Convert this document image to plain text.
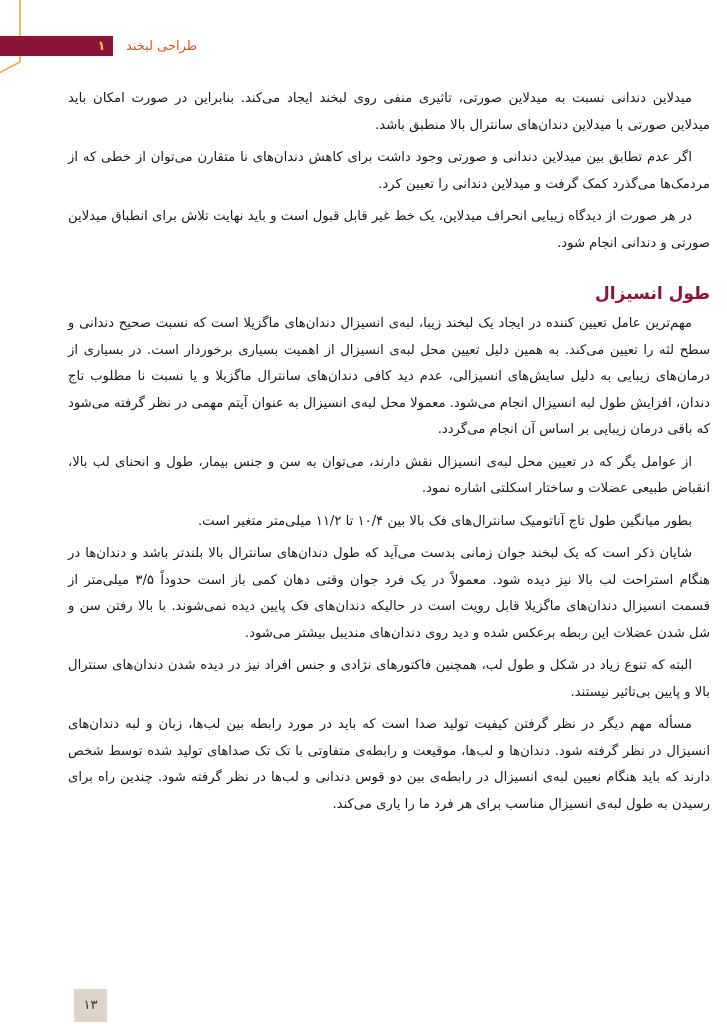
۱	طراحی لبخند

میدلاین دندانی نسبت به میدلاین صورتی، تاثیری منفی روی لبخند ایجاد می‌کند. بنابراین در صورت امکان باید میدلاین صورتی با میدلاین دندان‌های سانترال بالا منطبق باشد.

اگر عدم تطابق بین میدلاین دندانی و صورتی وجود داشت برای کاهش دندان‌های نا متقارن می‌توان از خطی که از مردمک‌ها می‌گذرد کمک گرفت و میدلاین دندانی را تعیین کرد.

در هر صورت از دیدگاه زیبایی انحراف میدلاین، یک خط غیر قابل قبول است و باید نهایت تلاش برای انطباق میدلاین صورتی و دندانی انجام شود.

طول انسیزال

مهم‌ترین عامل تعیین کننده در ایجاد یک لبخند زیبا، لبه‌ی انسیزال دندان‌های ماگزیلا است که نسبت صحیح دندانی و سطح لثه را تعیین می‌کند. به همین دلیل تعیین محل لبه‌ی انسیزال از اهمیت بسیاری برخوردار است. در بسیاری از درمان‌های زیبایی به دلیل سایش‌های انسیزالی، عدم دید کافی دندان‌های سانترال ماگزیلا و یا نسبت نا مطلوب تاج دندان، افزایش طول لبه انسیزال انجام می‌شود. معمولا محل لبه‌ی انسیزال به عنوان آیتم مهمی در نظر گرفته می‌شود که باقی درمان زیبایی بر اساس آن انجام می‌گردد.

از عوامل یگر که در تعیین محل لبه‌ی انسیزال نقش دارند، می‌توان به سن و جنس بیمار، طول و انحنای لب بالا، انقباض طبیعی عضلات و ساختار اسکلتی اشاره نمود.

بطور میانگین طول تاج آناتومیک سانترال‌های فک بالا بین ۱۰/۴ تا ۱۱/۲ میلی‌متر متغیر است.

شایان ذکر است که یک لبخند جوان زمانی بدست می‌آید که طول دندان‌های سانترال بالا بلندتر باشد و دندان‌ها در هنگام استراحت لب بالا نیز دیده شود. معمولاً در یک فرد جوان وقتی دهان کمی باز است حدوداً ۳/۵ میلی‌متر از قسمت انسیزال دندان‌های ماگزیلا قابل رویت است در حالیکه دندان‌های فک پایین دیده نمی‌شوند. با بالا رفتن سن و شل شدن عضلات این ربطه برعکس شده و دید روی دندان‌های مندیبل بیشتر می‌شود.

البته که تنوع زیاد در شکل و طول لب، همچنین فاکتورهای نژادی و جنس افراد نیز در دیده شدن دندان‌های سنترال بالا و پایین بی‌تاثیر نیستند.

مسأله مهم دیگر در نظر گرفتن کیفیت تولید صدا است که باید در مورد رابطه بین لب‌ها، زبان و لبه دندان‌های انسیزال در نظر گرفته شود. دندان‌ها و لب‌ها، موقیعت و رابطه‌ی متفاوتی با تک تک صداهای تولید شده توسط شخص دارند که باید هنگام نعیین لبه‌ی انسیزال در رابطه‌ی بین دو قوس دندانی و لب‌ها در نظر گرفته شود. چندین راه برای رسیدن به طول لبه‌ی انسیزال مناسب برای هر فرد ما را یاری می‌کند.

۱۳
